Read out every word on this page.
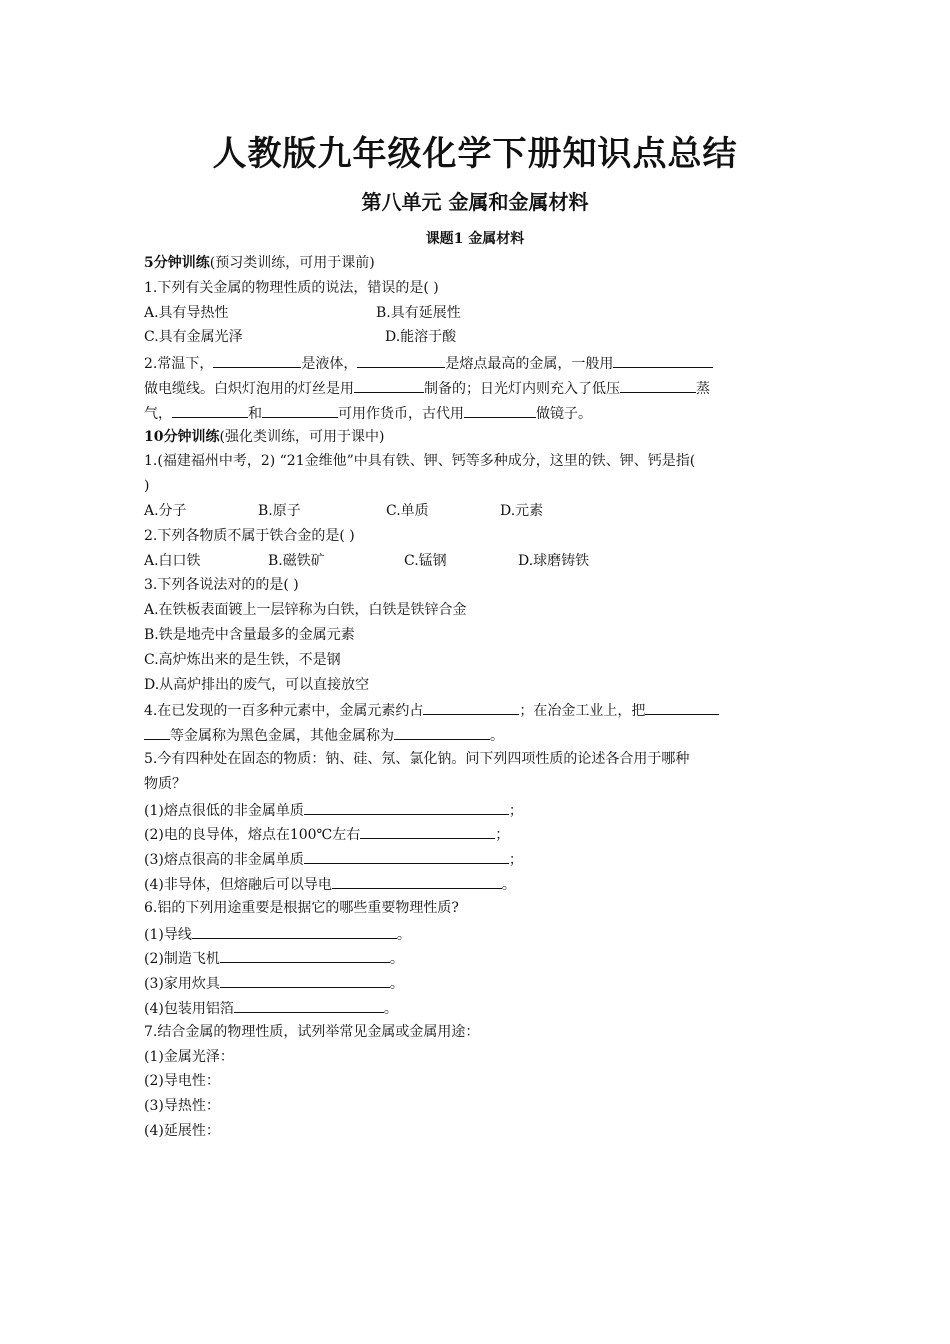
人教版九年级化学下册知识点总结
第八单元 金属和金属材料
课题1 金属材料
5分钟训练(预习类训练，可用于课前)
1.下列有关金属的物理性质的说法，错误的是( )
A.具有导热性	B.具有延展性
C.具有金属光泽	D.能溶于酸
2.常温下，	是液体，	是熔点最高的金属，一般用
做电缆线。白炽灯泡用的灯丝是用	制备的；日光灯内则充入了低压	蒸
气，	和	可用作货币，古代用	做镜子。
10分钟训练(强化类训练，可用于课中)
1.(福建福州中考，2) “21金维他”中具有铁、钾、钙等多种成分，这里的铁、钾、钙是指(
)
A.分子	B.原子	C.单质	D.元素
2.下列各物质不属于铁合金的是( )
A.白口铁	B.磁铁矿	C.锰钢	D.球磨铸铁
3.下列各说法对的的是( )
A.在铁板表面镀上一层锌称为白铁，白铁是铁锌合金
B.铁是地壳中含量最多的金属元素
C.高炉炼出来的是生铁，不是钢
D.从高炉排出的废气，可以直接放空
4.在已发现的一百多种元素中，金属元素约占	；在冶金工业上，把
等金属称为黑色金属，其他金属称为	。
5.今有四种处在固态的物质：钠、硅、氖、氯化钠。问下列四项性质的论述各合用于哪种
物质？
(1)熔点很低的非金属单质	；
(2)电的良导体，熔点在100℃左右	；
(3)熔点很高的非金属单质	；
(4)非导体，但熔融后可以导电	。
6.铝的下列用途重要是根据它的哪些重要物理性质?
(1)导线	。
(2)制造飞机	。
(3)家用炊具	。
(4)包装用铝箔	。
7.结合金属的物理性质，试列举常见金属或金属用途：
(1)金属光泽：
(2)导电性：
(3)导热性：
(4)延展性：
